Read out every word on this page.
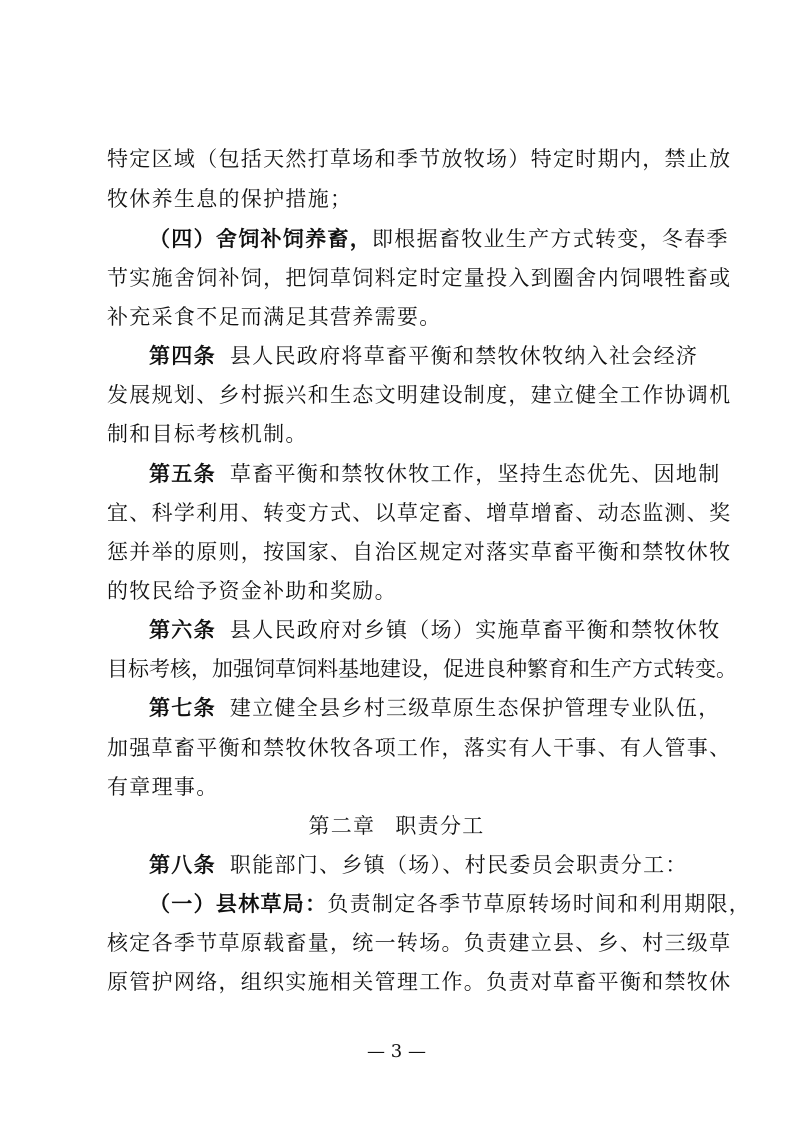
特定区域（包括天然打草场和季节放牧场）特定时期内，禁止放
牧休养生息的保护措施；
（四）舍饲补饲养畜，即根据畜牧业生产方式转变，冬春季
节实施舍饲补饲，把饲草饲料定时定量投入到圈舍内饲喂牲畜或
补充采食不足而满足其营养需要。
第四条 县人民政府将草畜平衡和禁牧休牧纳入社会经济
发展规划、乡村振兴和生态文明建设制度，建立健全工作协调机
制和目标考核机制。
第五条 草畜平衡和禁牧休牧工作，坚持生态优先、因地制
宜、科学利用、转变方式、以草定畜、增草增畜、动态监测、奖
惩并举的原则，按国家、自治区规定对落实草畜平衡和禁牧休牧
的牧民给予资金补助和奖励。
第六条 县人民政府对乡镇（场）实施草畜平衡和禁牧休牧
目标考核，加强饲草饲料基地建设，促进良种繁育和生产方式转变。
第七条 建立健全县乡村三级草原生态保护管理专业队伍，
加强草畜平衡和禁牧休牧各项工作，落实有人干事、有人管事、
有章理事。
第二章 职责分工
第八条 职能部门、乡镇（场）、村民委员会职责分工：
（一）县林草局：负责制定各季节草原转场时间和利用期限，
核定各季节草原载畜量，统一转场。负责建立县、乡、村三级草
原管护网络，组织实施相关管理工作。负责对草畜平衡和禁牧休
— 3 —
